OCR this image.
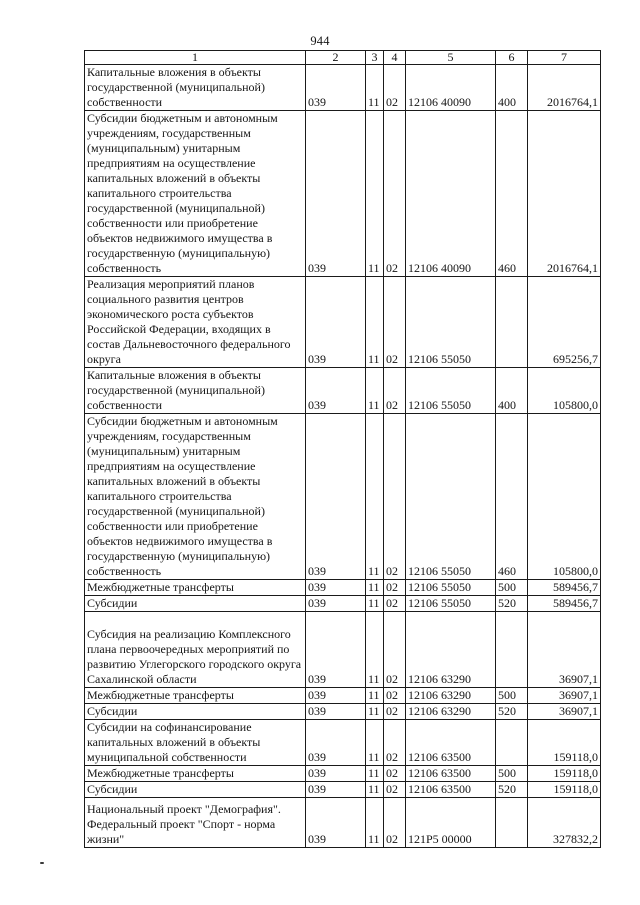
944
1	2	3	4	5	6	7
Капитальные вложения в объекты государственной (муниципальной) собственности	039	11	02	12106 40090	400	2016764,1
Субсидии бюджетным и автономным учреждениям, государственным (муниципальным) унитарным предприятиям на осуществление капитальных вложений в объекты капитального строительства государственной (муниципальной) собственности или приобретение объектов недвижимого имущества в государственную (муниципальную) собственность	039	11	02	12106 40090	460	2016764,1
Реализация мероприятий планов социального развития центров экономического роста субъектов Российской Федерации, входящих в состав Дальневосточного федерального округа	039	11	02	12106 55050		695256,7
Капитальные вложения в объекты государственной (муниципальной) собственности	039	11	02	12106 55050	400	105800,0
Субсидии бюджетным и автономным учреждениям, государственным (муниципальным) унитарным предприятиям на осуществление капитальных вложений в объекты капитального строительства государственной (муниципальной) собственности или приобретение объектов недвижимого имущества в государственную (муниципальную) собственность	039	11	02	12106 55050	460	105800,0
Межбюджетные трансферты	039	11	02	12106 55050	500	589456,7
Субсидии	039	11	02	12106 55050	520	589456,7
Субсидия на реализацию Комплексного плана первоочередных мероприятий по развитию Углегорского городского округа Сахалинской области	039	11	02	12106 63290		36907,1
Межбюджетные трансферты	039	11	02	12106 63290	500	36907,1
Субсидии	039	11	02	12106 63290	520	36907,1
Субсидии на софинансирование капитальных вложений в объекты муниципальной собственности	039	11	02	12106 63500		159118,0
Межбюджетные трансферты	039	11	02	12106 63500	500	159118,0
Субсидии	039	11	02	12106 63500	520	159118,0
Национальный проект "Демография". Федеральный проект "Спорт - норма жизни"	039	11	02	121P5 00000		327832,2
